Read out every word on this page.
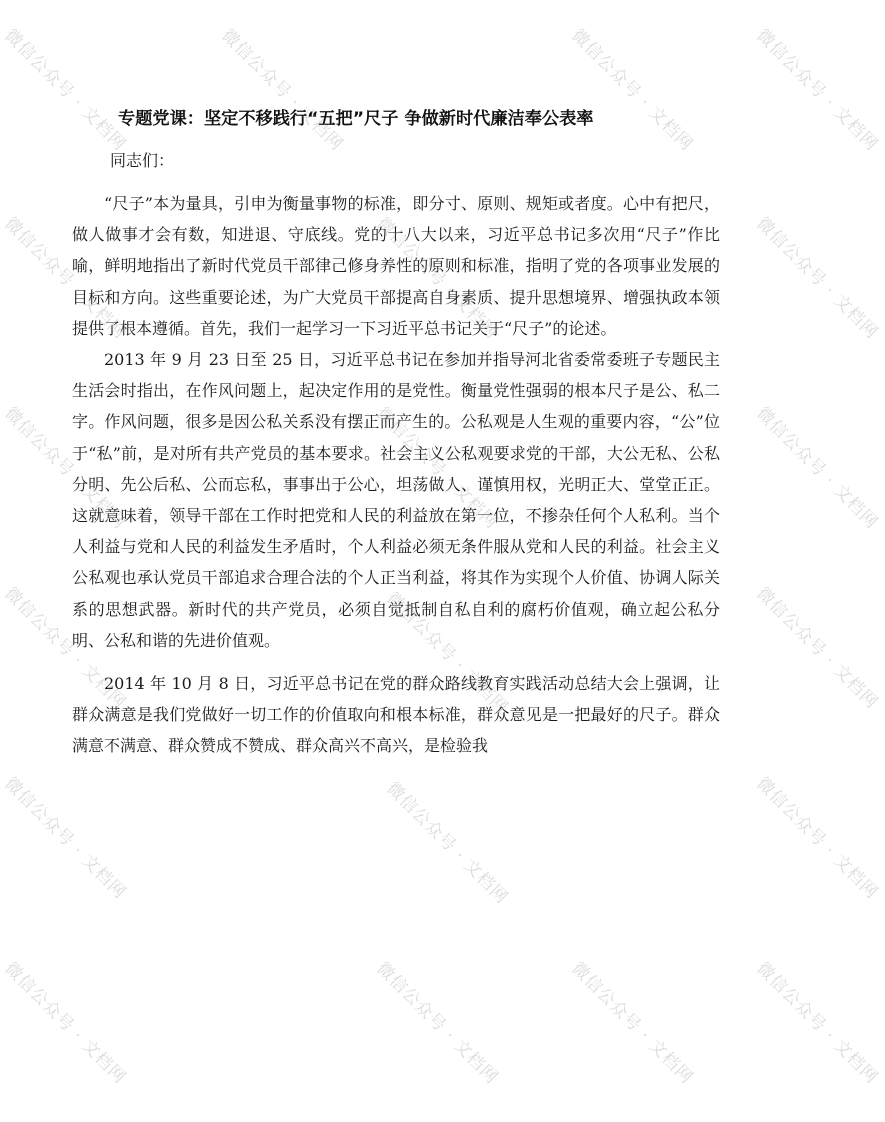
专题党课：坚定不移践行“五把”尺子 争做新时代廉洁奉公表率
同志们：

“尺子”本为量具，引申为衡量事物的标准，即分寸、原则、规矩或者度。心中有把尺，做人做事才会有数，知进退、守底线。党的十八大以来，习近平总书记多次用“尺子”作比喻，鲜明地指出了新时代党员干部律己修身养性的原则和标准，指明了党的各项事业发展的目标和方向。这些重要论述，为广大党员干部提高自身素质、提升思想境界、增强执政本领提供了根本遵循。首先，我们一起学习一下习近平总书记关于“尺子”的论述。

2013 年 9 月 23 日至 25 日，习近平总书记在参加并指导河北省委常委班子专题民主生活会时指出，在作风问题上，起决定作用的是党性。衡量党性强弱的根本尺子是公、私二字。作风问题，很多是因公私关系没有摆正而产生的。公私观是人生观的重要内容，“公”位于“私”前，是对所有共产党员的基本要求。社会主义公私观要求党的干部，大公无私、公私分明、先公后私、公而忘私，事事出于公心，坦荡做人、谨慎用权，光明正大、堂堂正正。这就意味着，领导干部在工作时把党和人民的利益放在第一位，不掺杂任何个人私利。当个人利益与党和人民的利益发生矛盾时，个人利益必须无条件服从党和人民的利益。社会主义公私观也承认党员干部追求合理合法的个人正当利益，将其作为实现个人价值、协调人际关系的思想武器。新时代的共产党员，必须自觉抵制自私自利的腐朽价值观，确立起公私分明、公私和谐的先进价值观。

2014 年 10 月 8 日，习近平总书记在党的群众路线教育实践活动总结大会上强调，让群众满意是我们党做好一切工作的价值取向和根本标准，群众意见是一把最好的尺子。群众满意不满意、群众赞成不赞成、群众高兴不高兴，是检验我

微信公众号 · 文档网	微信公众号 · 文档网	微信公众号 · 文档网	微信公众号 · 文档网
微信公众号 · 文档网	微信公众号 · 文档网	微信公众号 · 文档网
微信公众号 · 文档网	微信公众号 · 文档网	微信公众号 · 文档网
微信公众号 · 文档网	微信公众号 · 文档网	微信公众号 · 文档网
微信公众号 · 文档网	微信公众号 · 文档网	微信公众号 · 文档网
微信公众号 · 文档网	微信公众号 · 文档网	微信公众号 · 文档网	微信公众号 · 文档网
